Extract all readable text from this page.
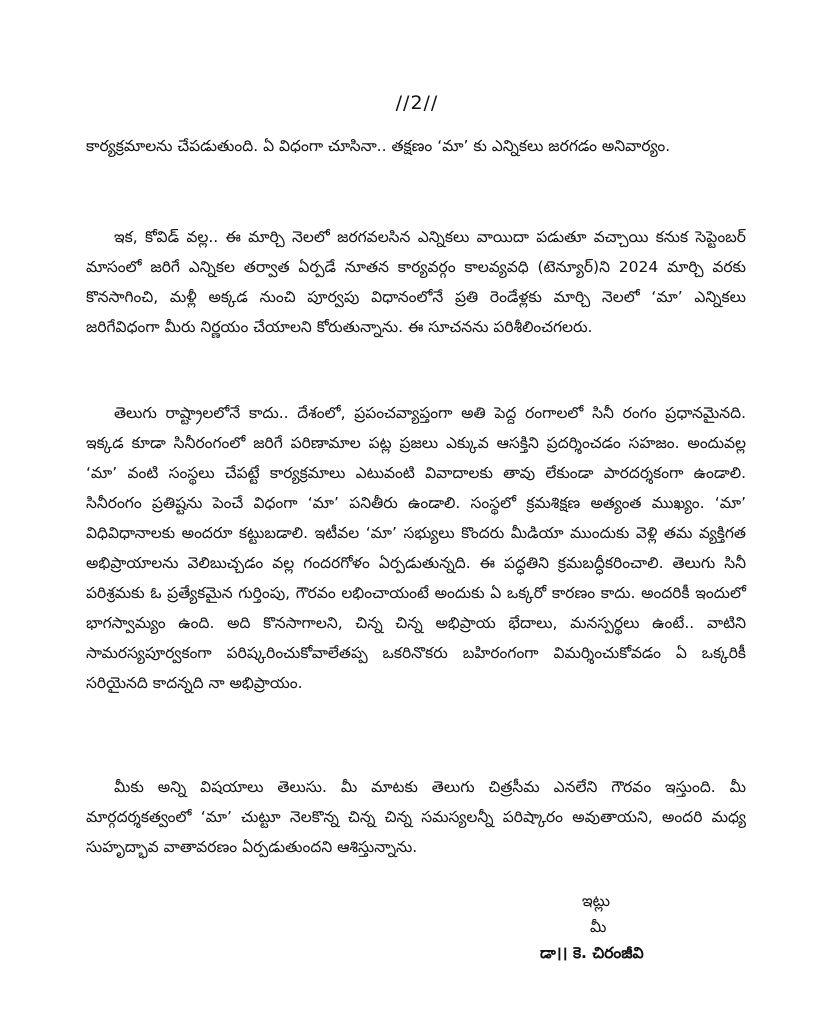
//2//

కార్యక్రమాలను చేపడుతుంది. ఏ విధంగా చూసినా.. తక్షణం ‘మా’ కు ఎన్నికలు జరగడం అనివార్యం.

ఇక, కోవిడ్ వల్ల.. ఈ మార్చి నెలలో జరగవలసిన ఎన్నికలు వాయిదా పడుతూ వచ్చాయి కనుక సెప్టెంబర్ మాసంలో జరిగే ఎన్నికల తర్వాత ఏర్పడే నూతన కార్యవర్గం కాలవ్యవధి (టెన్యూర్)ని 2024 మార్చి వరకు కొనసాగించి, మళ్లీ అక్కడ నుంచి పూర్వపు విధానంలోనే ప్రతి రెండేళ్లకు మార్చి నెలలో ‘మా’ ఎన్నికలు జరిగేవిధంగా మీరు నిర్ణయం చేయాలని కోరుతున్నాను. ఈ సూచనను పరిశీలించగలరు.

తెలుగు రాష్ట్రాలలోనే కాదు.. దేశంలో, ప్రపంచవ్యాప్తంగా అతి పెద్ద రంగాలలో సినీ రంగం ప్రధానమైనది. ఇక్కడ కూడా సినీరంగంలో జరిగే పరిణామాల పట్ల ప్రజలు ఎక్కువ ఆసక్తిని ప్రదర్శించడం సహజం. అందువల్ల ‘మా’ వంటి సంస్థలు చేపట్టే కార్యక్రమాలు ఎటువంటి వివాదాలకు తావు లేకుండా పారదర్శకంగా ఉండాలి. సినీరంగం ప్రతిష్టను పెంచే విధంగా ‘మా’ పనితీరు ఉండాలి. సంస్థలో క్రమశిక్షణ అత్యంత ముఖ్యం. ‘మా’ విధివిధానాలకు అందరూ కట్టుబడాలి. ఇటీవల ‘మా’ సభ్యులు కొందరు మీడియా ముందుకు వెళ్లి తమ వ్యక్తిగత అభిప్రాయాలను వెలిబుచ్చడం వల్ల గందరగోళం ఏర్పడుతున్నది. ఈ పద్ధతిని క్రమబద్ధీకరించాలి. తెలుగు సినీ పరిశ్రమకు ఓ ప్రత్యేకమైన గుర్తింపు, గౌరవం లభించాయంటే అందుకు ఏ ఒక్కరో కారణం కాదు. అందరికీ ఇందులో భాగస్వామ్యం ఉంది. అది కొనసాగాలని, చిన్న చిన్న అభిప్రాయ భేదాలు, మనస్పర్థలు ఉంటే.. వాటిని సామరస్యపూర్వకంగా పరిష్కరించుకోవాలేతప్ప ఒకరినొకరు బహిరంగంగా విమర్శించుకోవడం ఏ ఒక్కరికీ సరియైనది కాదన్నది నా అభిప్రాయం.

మీకు అన్ని విషయాలు తెలుసు. మీ మాటకు తెలుగు చిత్రసీమ ఎనలేని గౌరవం ఇస్తుంది. మీ మార్గదర్శకత్వంలో ‘మా’ చుట్టూ నెలకొన్న చిన్న చిన్న సమస్యలన్నీ పరిష్కారం అవుతాయని, అందరి మధ్య సుహృద్భావ వాతావరణం ఏర్పడుతుందని ఆశిస్తున్నాను.

ఇట్లు
మీ
డా।। కె. చిరంజీవి
